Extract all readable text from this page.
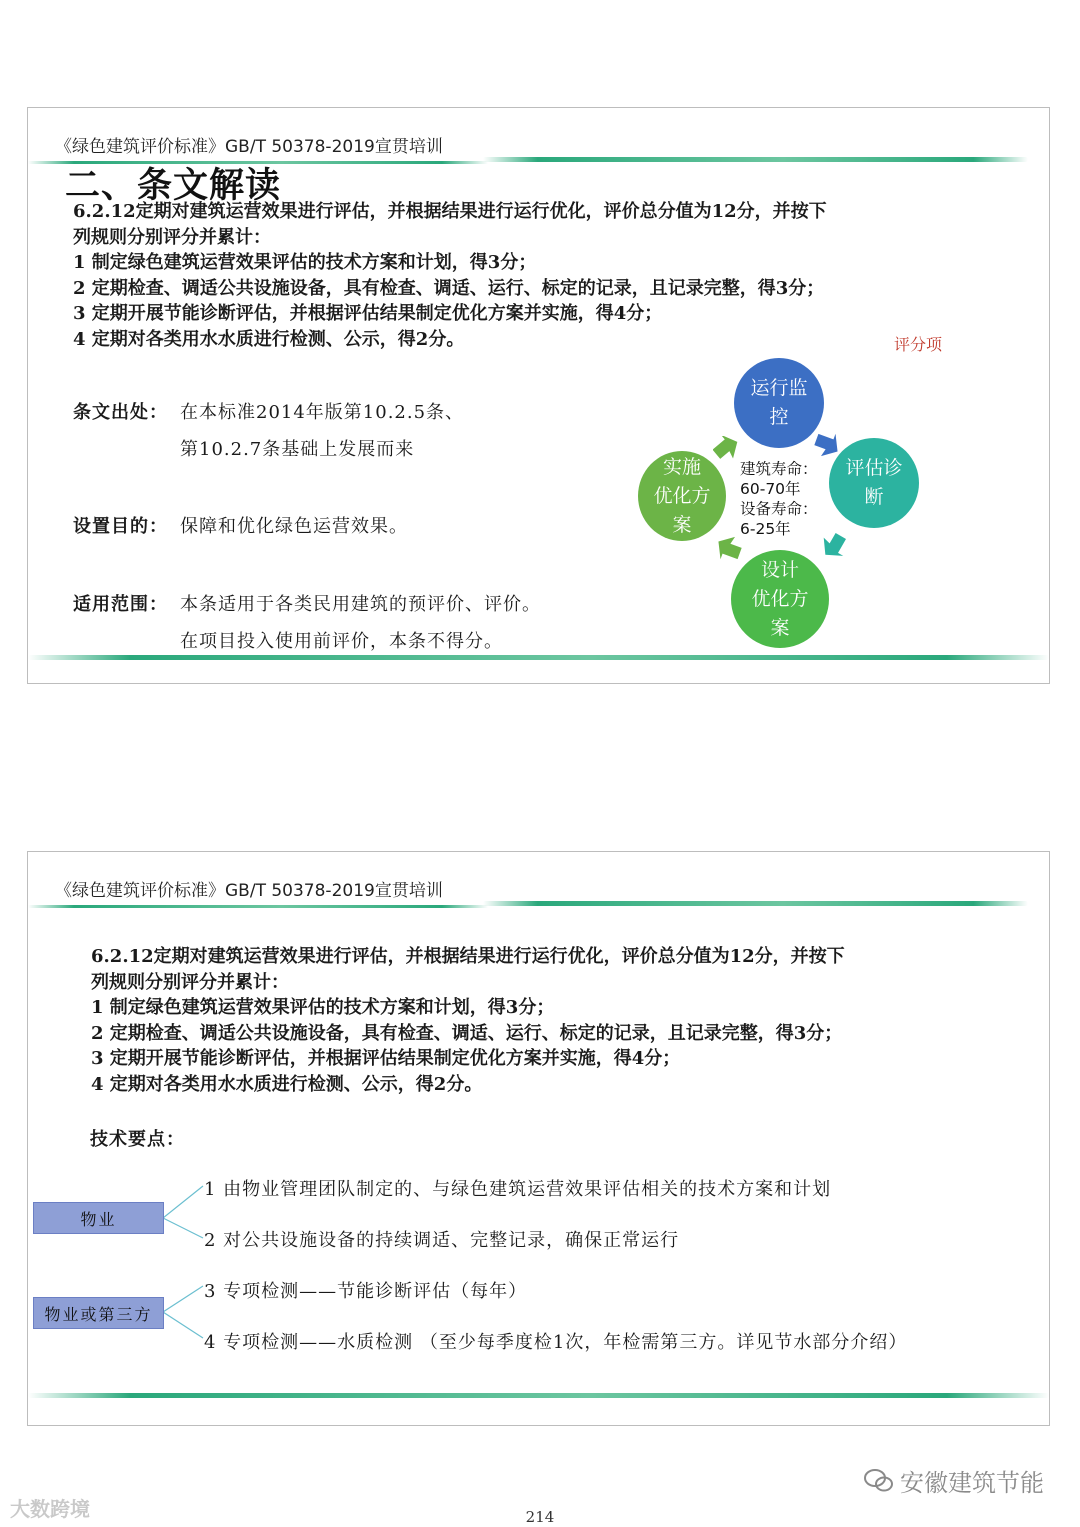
《绿色建筑评价标准》GB/T 50378-2019宣贯培训
二、条文解读
6.2.12定期对建筑运营效果进行评估，并根据结果进行运行优化，评价总分值为12分，并按下
列规则分别评分并累计：
1 制定绿色建筑运营效果评估的技术方案和计划，得3分；
2 定期检查、调适公共设施设备，具有检查、调适、运行、标定的记录，且记录完整，得3分；
3 定期开展节能诊断评估，并根据评估结果制定优化方案并实施，得4分；
4 定期对各类用水水质进行检测、公示，得2分。	评分项
条文出处： 在本标准2014年版第10.2.5条、
第10.2.7条基础上发展而来
设置目的： 保障和优化绿色运营效果。
适用范围： 本条适用于各类民用建筑的预评价、评价。
在项目投入使用前评价，本条不得分。
运行监
控
评估诊
断
设计
优化方
案
实施
优化方
案
建筑寿命：
60-70年
设备寿命：
6-25年
《绿色建筑评价标准》GB/T 50378-2019宣贯培训
6.2.12定期对建筑运营效果进行评估，并根据结果进行运行优化，评价总分值为12分，并按下
列规则分别评分并累计：
1 制定绿色建筑运营效果评估的技术方案和计划，得3分；
2 定期检查、调适公共设施设备，具有检查、调适、运行、标定的记录，且记录完整，得3分；
3 定期开展节能诊断评估，并根据评估结果制定优化方案并实施，得4分；
4 定期对各类用水水质进行检测、公示，得2分。
技术要点：
物业
物业或第三方
1 由物业管理团队制定的、与绿色建筑运营效果评估相关的技术方案和计划
2 对公共设施设备的持续调适、完整记录，确保正常运行
3 专项检测——节能诊断评估（每年）
4 专项检测——水质检测 （至少每季度检1次，年检需第三方。详见节水部分介绍）
安徽建筑节能
大数跨境	214
